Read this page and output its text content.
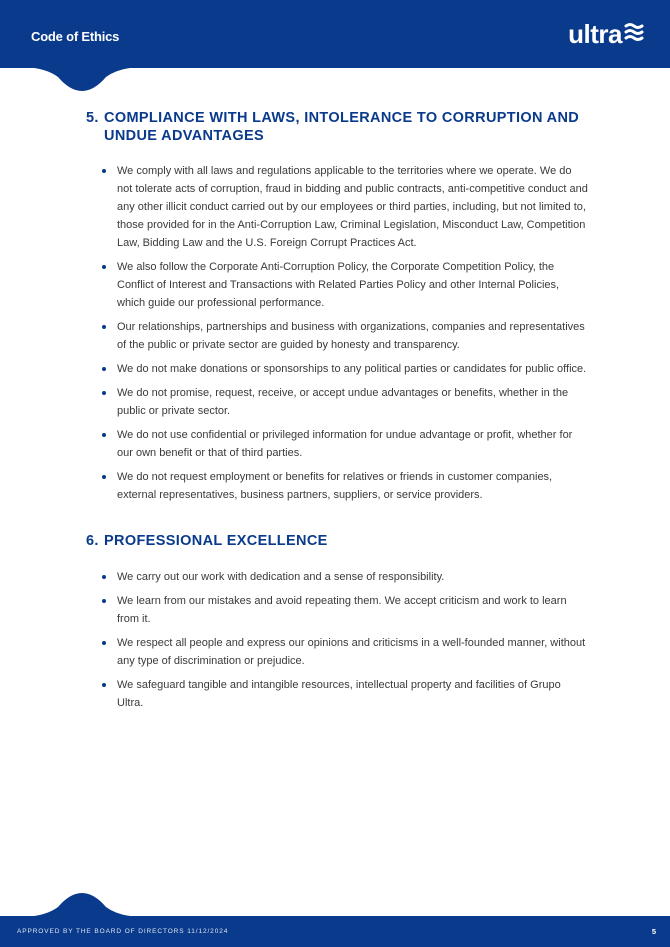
Code of Ethics	ultra
5. COMPLIANCE WITH LAWS, INTOLERANCE TO CORRUPTION AND UNDUE ADVANTAGES
We comply with all laws and regulations applicable to the territories where we operate. We do not tolerate acts of corruption, fraud in bidding and public contracts, anti-competitive conduct and any other illicit conduct carried out by our employees or third parties, including, but not limited to, those provided for in the Anti-Corruption Law, Criminal Legislation, Misconduct Law, Competition Law, Bidding Law and the U.S. Foreign Corrupt Practices Act.
We also follow the Corporate Anti-Corruption Policy, the Corporate Competition Policy, the Conflict of Interest and Transactions with Related Parties Policy and other Internal Policies, which guide our professional performance.
Our relationships, partnerships and business with organizations, companies and representatives of the public or private sector are guided by honesty and transparency.
We do not make donations or sponsorships to any political parties or candidates for public office.
We do not promise, request, receive, or accept undue advantages or benefits, whether in the public or private sector.
We do not use confidential or privileged information for undue advantage or profit, whether for our own benefit or that of third parties.
We do not request employment or benefits for relatives or friends in customer companies, external representatives, business partners, suppliers, or service providers.
6. PROFESSIONAL EXCELLENCE
We carry out our work with dedication and a sense of responsibility.
We learn from our mistakes and avoid repeating them. We accept criticism and work to learn from it.
We respect all people and express our opinions and criticisms in a well-founded manner, without any type of discrimination or prejudice.
We safeguard tangible and intangible resources, intellectual property and facilities of Grupo Ultra.
APPROVED BY THE BOARD OF DIRECTORS 11/12/2024	5
